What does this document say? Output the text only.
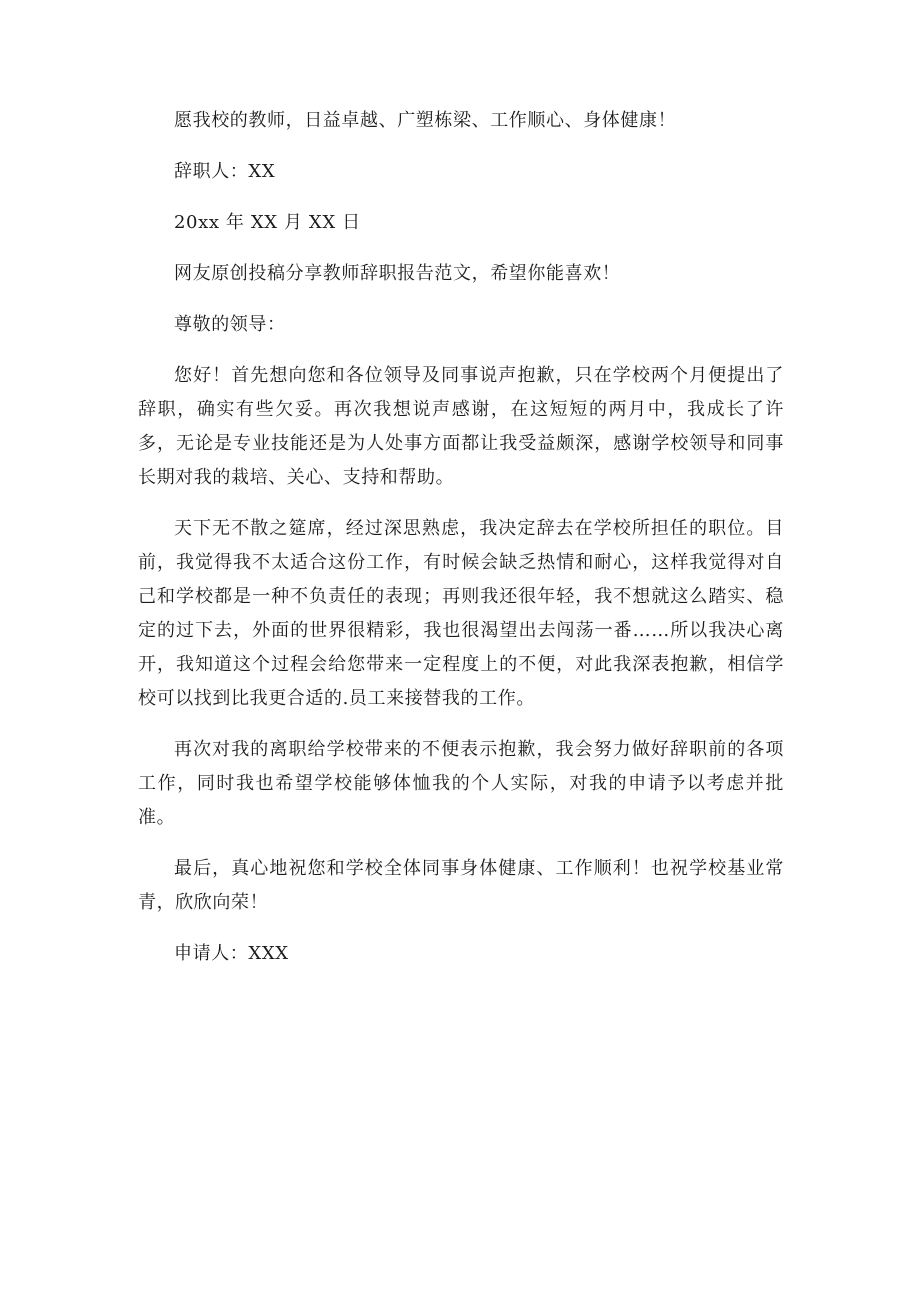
愿我校的教师，日益卓越、广塑栋梁、工作顺心、身体健康！

辞职人：XX

20xx 年 XX 月 XX 日

网友原创投稿分享教师辞职报告范文，希望你能喜欢！

尊敬的领导：

您好！首先想向您和各位领导及同事说声抱歉，只在学校两个月便提出了辞职，确实有些欠妥。再次我想说声感谢，在这短短的两月中，我成长了许多，无论是专业技能还是为人处事方面都让我受益颇深，感谢学校领导和同事长期对我的栽培、关心、支持和帮助。

天下无不散之筵席，经过深思熟虑，我决定辞去在学校所担任的职位。目前，我觉得我不太适合这份工作，有时候会缺乏热情和耐心，这样我觉得对自己和学校都是一种不负责任的表现；再则我还很年轻，我不想就这么踏实、稳定的过下去，外面的世界很精彩，我也很渴望出去闯荡一番……所以我决心离开，我知道这个过程会给您带来一定程度上的不便，对此我深表抱歉，相信学校可以找到比我更合适的.员工来接替我的工作。

再次对我的离职给学校带来的不便表示抱歉，我会努力做好辞职前的各项工作，同时我也希望学校能够体恤我的个人实际，对我的申请予以考虑并批准。

最后，真心地祝您和学校全体同事身体健康、工作顺利！也祝学校基业常青，欣欣向荣！

申请人：XXX
